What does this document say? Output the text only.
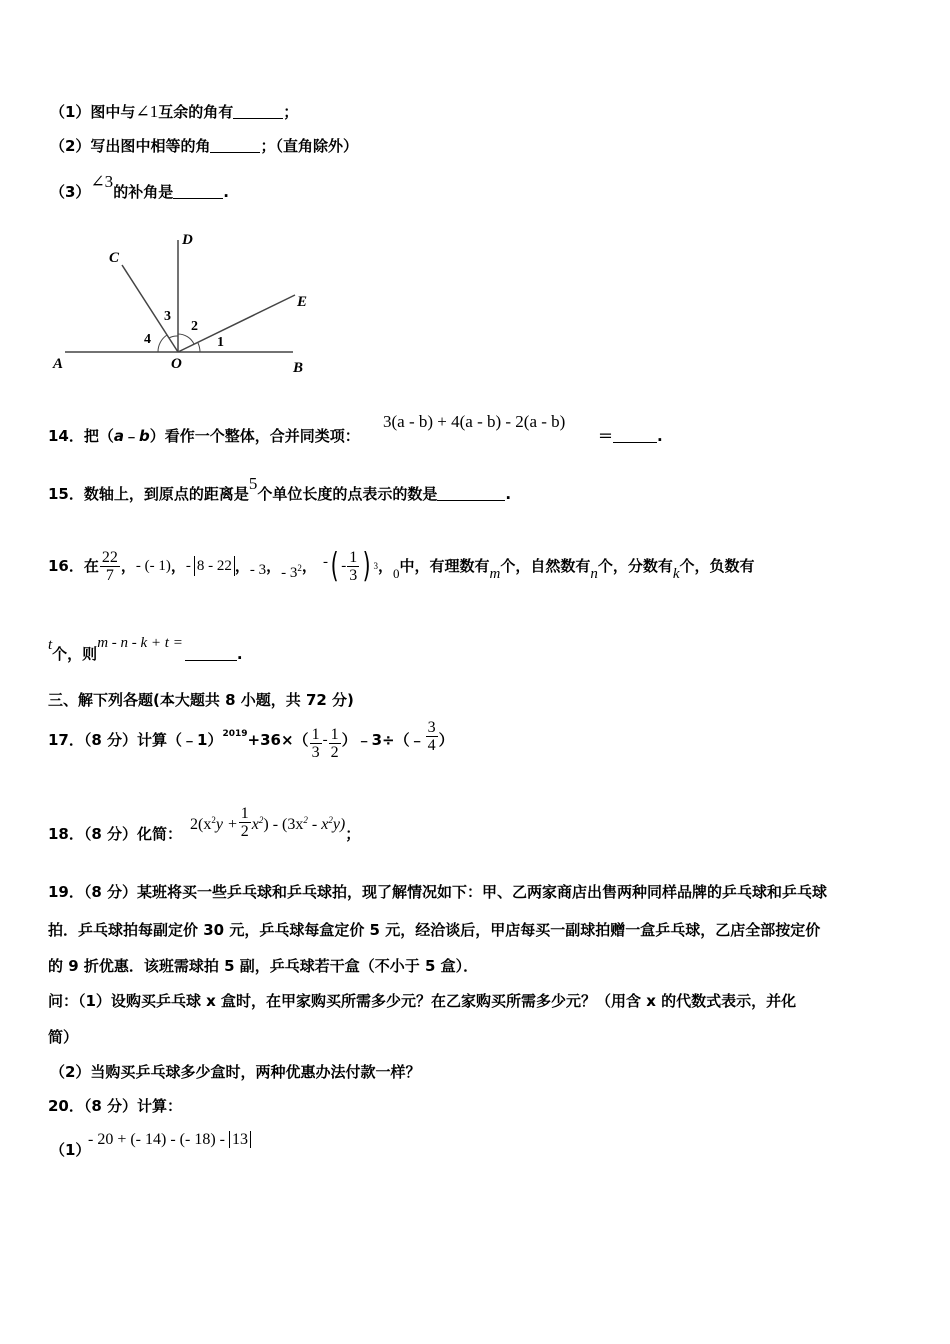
（1）图中与∠1互余的角有	；
（2）写出图中相等的角	；（直角除外）
（3）∠3的补角是	.
A	B
C
D
E
O
1
2
3
4
14．把（a﹣b）看作一个整体，合并同类项：
3(a - b) + 4(a - b) - 2(a - b)
＝	.
15．数轴上，到原点的距离是5个单位长度的点表示的数是	.
16．在 $\frac{22}{7}$ ， - (- 1) ， - 8 - 22 ， - 3 ， - $3^2$ ， - ( - $\frac{1}{3}$ ) 3 ， 0 中，有理数有 m 个，自然数有 n 个，分数有 k 个，负数有
t个，则m - n - k + t =.
三、解下列各题(本大题共 8 小题，共 72 分)
17．（8 分）计算（﹣1） $2019 +36\times( \frac{1}{3} - \frac{1}{2}$ ）﹣3÷（﹣ $\frac{3}{4}$ ）
18．（8 分）化简：
$2(x^2y + \frac{1}{2} x^2) - (3x^2 - x^2y)$
；
19．（8 分）某班将买一些乒乓球和乒乓球拍，现了解情况如下：甲、乙两家商店出售两种同样品牌的乒乓球和乒乓球
拍．乒乓球拍每副定价 30 元，乒乓球每盒定价 5 元，经洽谈后，甲店每买一副球拍赠一盒乒乓球，乙店全部按定价
的 9 折优惠．该班需球拍 5 副，乒乓球若干盒（不小于 5 盒）．
问：（1）设购买乒乓球 x 盒时，在甲家购买所需多少元？在乙家购买所需多少元？（用含 x 的代数式表示，并化
简）
（2）当购买乒乓球多少盒时，两种优惠办法付款一样？
20．（8 分）计算：
（1）
- 20 + (- 14) - (- 18) - 13
